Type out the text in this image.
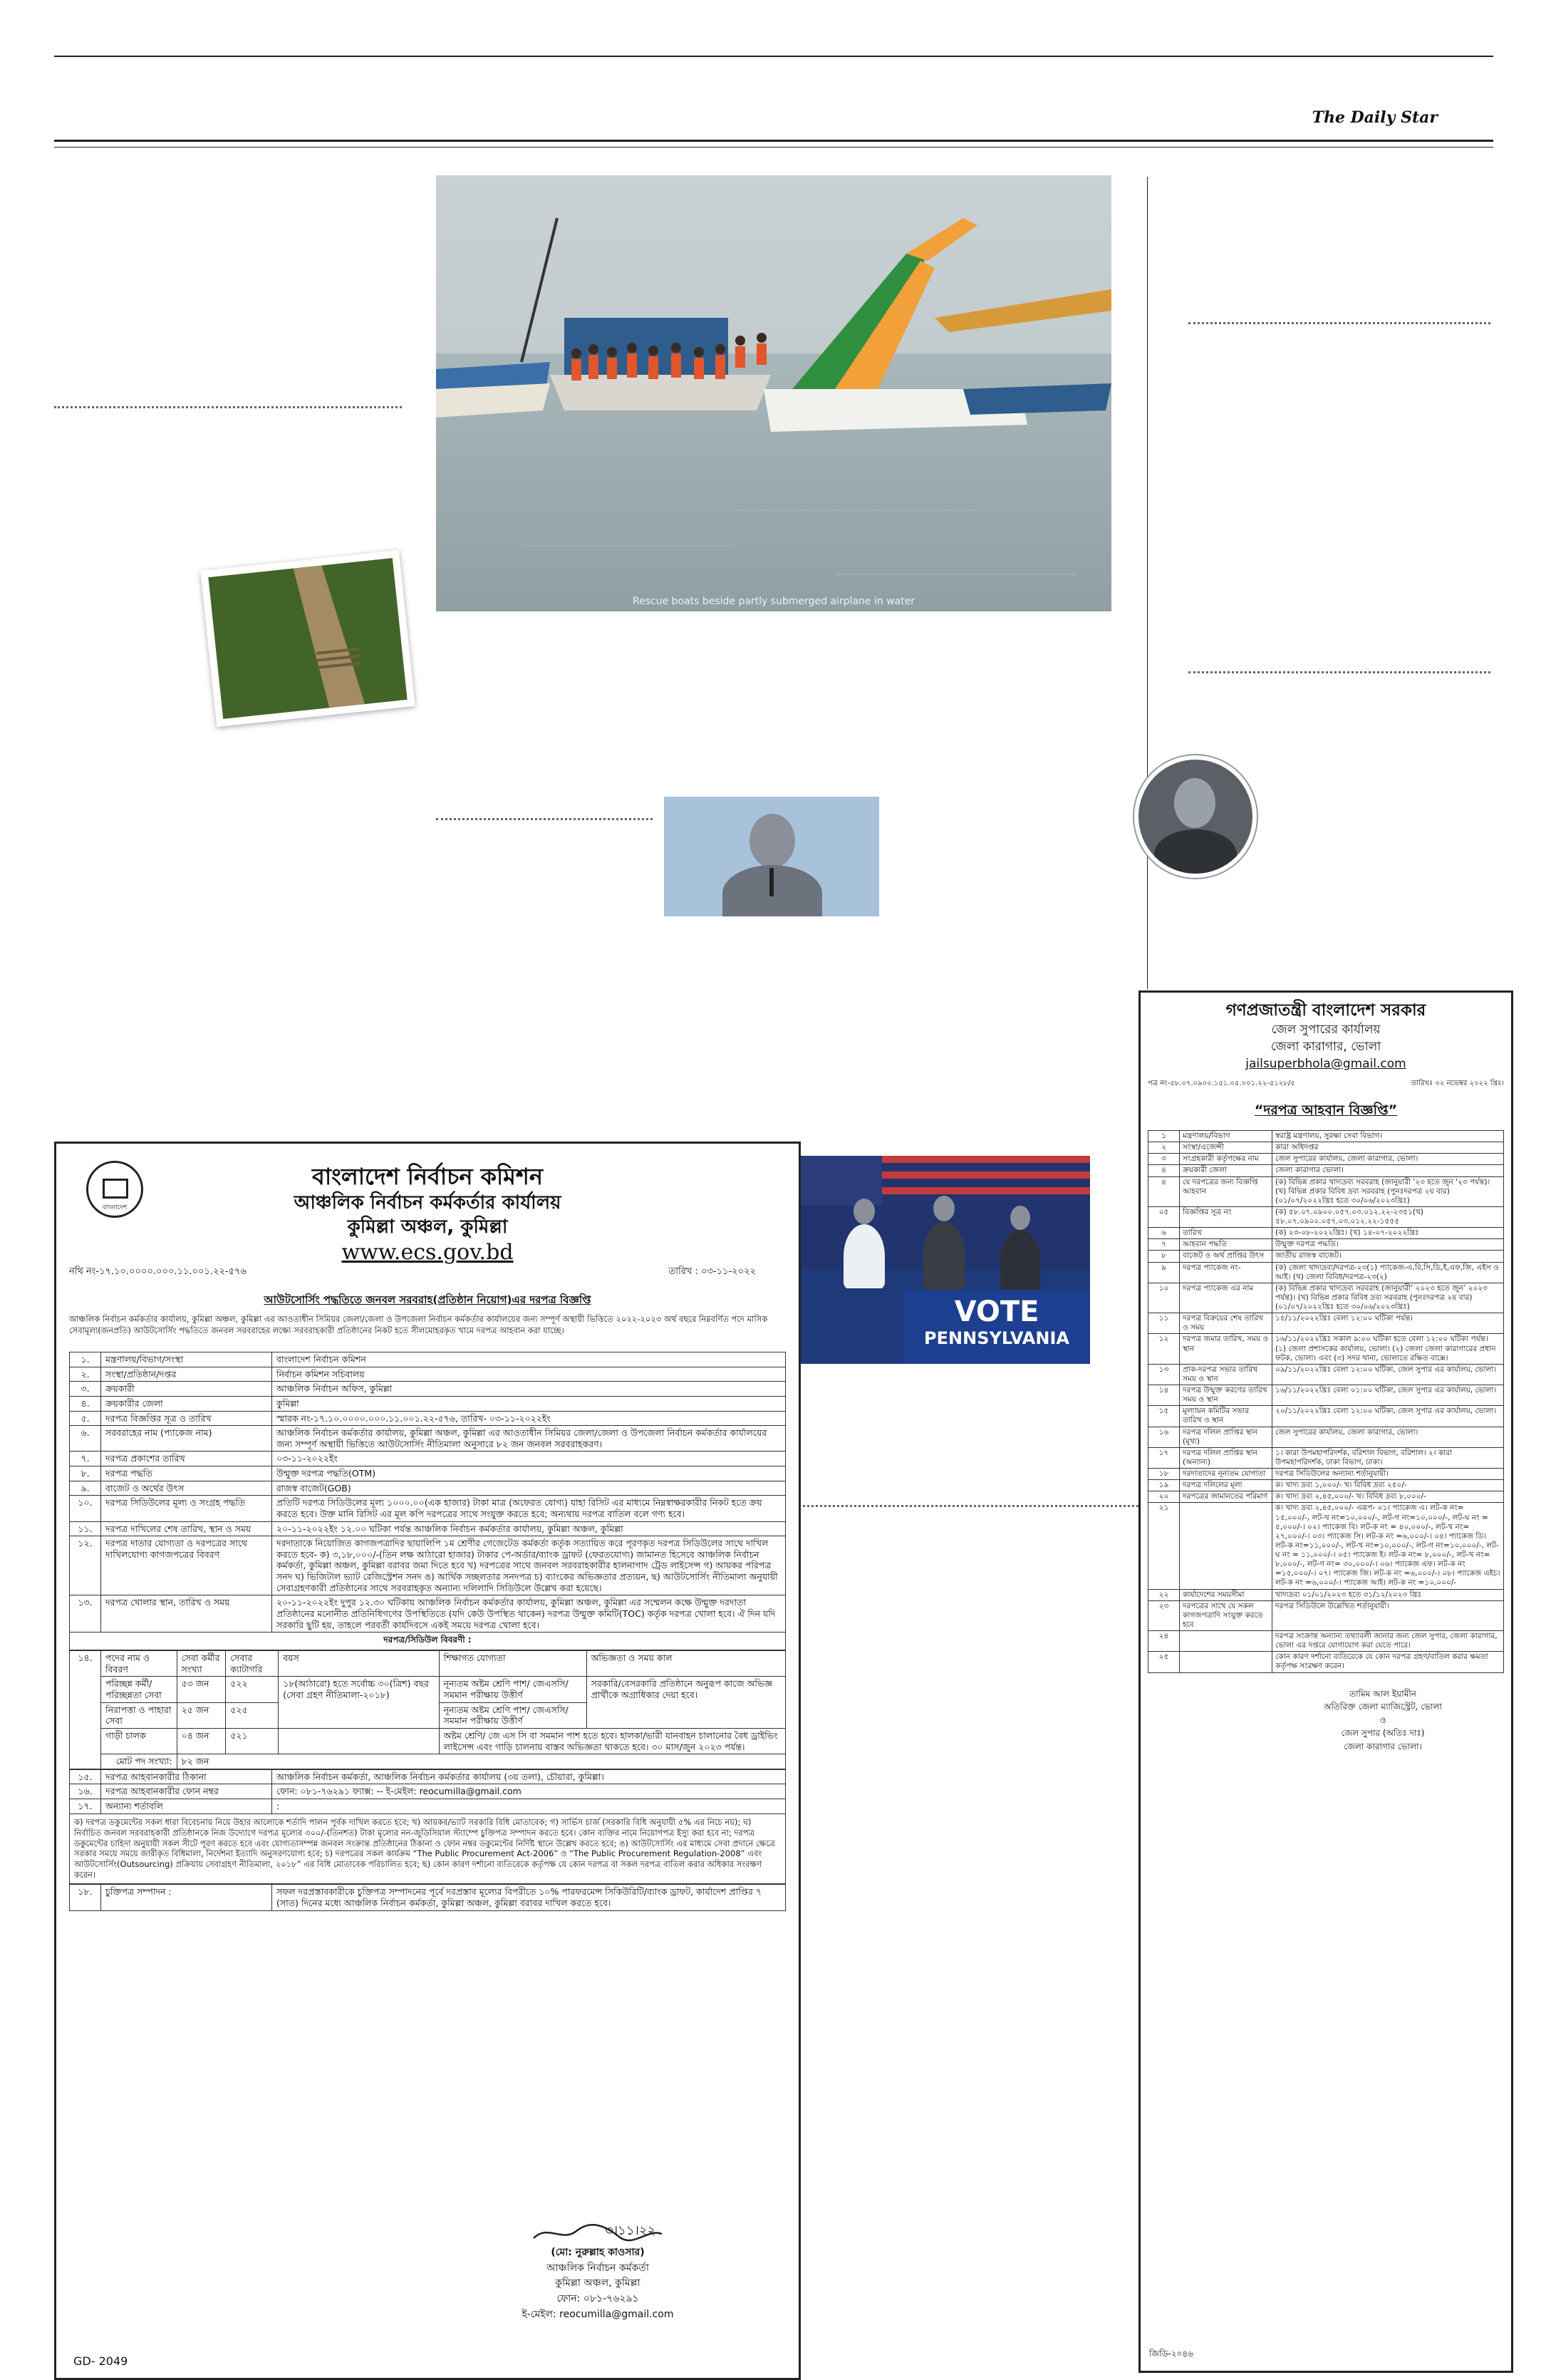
The Daily Star
Rescue boats beside partly submerged airplane in water
VOTE
PENNSYLVANIA
বাংলাদেশ
বাংলাদেশ নির্বাচন কমিশন
আঞ্চলিক নির্বাচন কর্মকর্তার কার্যালয়
কুমিল্লা অঞ্চল, কুমিল্লা
www.ecs.gov.bd
নথি নং-১৭.১০.০০০০.০০০.১১.০০১.২২-৫৭৬	তারিখ : ০৩-১১-২০২২
আউটসোর্সিং পদ্ধতিতে জনবল সরবরাহ(প্রতিষ্ঠান নিয়োগ)এর দরপত্র বিজ্ঞপ্তি
আঞ্চলিক নির্বাচন কর্মকর্তার কার্যালয়, কুমিল্লা অঞ্চল, কুমিল্লা এর আওতাধীন সিমিয়র জেলা/জেলা ও উপজেলা নির্বাচন কর্মকর্তার কার্যালয়ের জন্য সম্পূর্ণ অস্থায়ী ভিত্তিতে ২০২২-২০২৩ অর্থ বছরে নিম্নবর্ণিত পদে মাসিক সেবামূল্য(জনপ্রতি) আউটসোর্সিং পদ্ধতিতে জনবল সরবরাহের লক্ষ্যে সরবরাহকারী প্রতিষ্ঠানের নিকট হতে সীলমোহরকৃত খামে দরপত্র আহবান করা যাচ্ছে।
১.	মন্ত্রণালয়/বিভাগ/সংস্থা	বাংলাদেশ নির্বাচন কমিশন
২.	সংস্থা/প্রতিষ্ঠান/দপ্তর	নির্বাচন কমিশন সচিবালয়
৩.	ক্রয়কারী	আঞ্চলিক নির্বাচন অফিস, কুমিল্লা
৪.	ক্রয়কারীর জেলা	কুমিল্লা
৫.	দরপত্র বিজ্ঞপ্তির সূত্র ও তারিখ	স্মারক নং-১৭.১০.০০০০.০০০.১১.০০১.২২-৫৭৬, তারিখ- ০৩-১১-২০২২ইং
৬.	সরবরাহের নাম (প্যাকেজ নাম)	আঞ্চলিক নির্বাচন কর্মকর্তার কার্যালয়, কুমিল্লা অঞ্চল, কুমিল্লা এর আওতাধীন সিমিয়র জেলা/জেলা ও উপজেলা নির্বাচন কর্মকর্তার কার্যালয়ের জন্য সম্পূর্ণ অস্থায়ী ভিত্তিতে আউটসোর্সিং নীতিমালা অনুসারে ৮২ জন জনবল সরবরাহকরণ।
৭.	দরপত্র প্রকাশের তারিখ	০৩-১১-২০২২ইং
৮.	দরপত্র পদ্ধতি	উন্মুক্ত দরপত্র পদ্ধতি(OTM)
৯.	বাজেট ও অর্থের উৎস	রাজস্ব বাজেট(GOB)
১০.	দরপত্র সিডিউলের মূল্য ও সংগ্রহ পদ্ধতি	প্রতিটি দরপত্র সিডিউলের মূল্য ১০০০.০০(এক হাজার) টাকা মাত্র (অফেরত যোগ্য) যাহা রিসিট এর মাধ্যমে নিম্নস্বাক্ষরকারীর নিকট হতে ক্রয় করতে হবে। উক্ত মানি রিসিট এর মূল কপি দরপত্রের সাথে সংযুক্ত করতে হবে; অন্যথায় দরপত্র বাতিল বলে গণ্য হবে।
১১.	দরপত্র দাখিলের শেষ তারিখ, স্থান ও সময়	২০-১১-২০২২ইং ১২.০০ ঘটিকা পর্যন্ত আঞ্চলিক নির্বাচন কর্মকর্তার কার্যালয়, কুমিল্লা অঞ্চল, কুমিল্লা
১২.	দরপত্র দাতার যোগ্যতা ও দরপত্রের সাথে দাখিলযোগ্য কাগজপত্রের বিবরণ	দরদাতাকে নিয়োজিত কাগজপত্রাদির ছায়ালিপি ১ম শ্রেণীর গেজেটেড কর্মকর্তা কর্তৃক সত্যায়িত করে পূরণকৃত দরপত্র সিডিউলের সাথে দাখিল করতে হবে- ক) ৩,১৮,০০০/-(তিন লক্ষ আঠারো হাজার) টাকার পে-অর্ডার/ব্যাংক ড্রাফট (ফেরতযোগ্য) জামানত হিসেবে আঞ্চলিক নির্বাচন কর্মকর্তা, কুমিল্লা অঞ্চল, কুমিল্লা বরাবর জমা দিতে হবে খ) দরপত্রের সাথে জনবল সরবরাহকারীর হালনাগাদ ট্রেড লাইসেন্স গ) আয়কর পরিপত্র সনদ ঘ) ভিজিটাল ভ্যাট রেজিস্ট্রেশন সনদ ঙ) আর্থিক সচ্ছলতার সনদপত্র চ) ব্যাংকের অভিজ্ঞতার প্রত্যয়ন, ছ) আউটসোর্সিং নীতিমালা অনুযায়ী সেবাগ্রহণকারী প্রতিষ্ঠানের সাথে সরবরাহকৃত অন্যান্য দলিলাদি সিডিউলে উল্লেখ করা হয়েছে।
১৩.	দরপত্র খোলার স্থান, তারিখ ও সময়	২০-১১-২০২২ইং দুপুর ১২.৩০ ঘটিকায় আঞ্চলিক নির্বাচন কর্মকর্তার কার্যালয়, কুমিল্লা অঞ্চল, কুমিল্লা এর সম্মেলন কক্ষে উন্মুক্ত দরদাতা প্রতিষ্ঠানের মনোনীত প্রতিনিধিগণের উপস্থিতিতে (যদি কেউ উপস্থিত থাকেন) দরপত্র উন্মুক্ত কমিটি(TOC) কর্তৃক দরপত্র খোলা হবে। ঐ দিন যদি সরকারি ছুটি হয়, তাহলে পরবর্তী কার্যদিবসে একই সময়ে দরপত্র খোলা হবে।
দরপত্র/সিডিউল বিবরণী :
১৪.	পদের নাম ও বিবরণ	সেবা কর্মীর সংখ্যা	সেবার ক্যাটাগরি	বয়স	শিক্ষাগত যোগ্যতা	অভিজ্ঞতা ও সময় কাল
	পরিচ্ছন্ন কর্মী/পরিচ্ছন্নতা সেবা	৫৩ জন	৫২২	১৮(আঠারো) হতে সর্বোচ্চ ৩০(ত্রিশ) বছর (সেবা গ্রহণ নীতিমালা-২০১৮)	নূন্যতম অষ্টম শ্রেণি পাশ/ জেএসসি/সমমান পরীক্ষায় উত্তীর্ণ	সরকারি/বেসরকারি প্রতিষ্ঠানে অনুরূপ কাজে অভিজ্ঞ প্রার্থীকে অগ্রাধিকার দেয়া হবে।
	নিরাপত্তা ও পাহারা সেবা	২৫ জন	৫২৫		নূন্যতম অষ্টম শ্রেণি পাশ/ জেএসসি/সমমান পরীক্ষায় উত্তীর্ণ	
	গাড়ী চালক	০৪ জন	৫২১		অষ্টম শ্রেণি/ জে এস সি বা সমমান পাশ হতে হবে। হালকা/ভারী যানবাহন চালানোর বৈধ ড্রাইভিং লাইসেন্স এবং গাড়ি চালনায় বাস্তব অভিজ্ঞতা থাকতে হবে। ৩০ মাস/জুন ২০২৩ পর্যন্ত।	
	মোট পদ সংখ্যা:	৮২ জন				
১৫.	দরপত্র আহবানকারীর ঠিকানা	আঞ্চলিক নির্বাচন কর্মকর্তা, আঞ্চলিক নির্বাচন কর্মকর্তার কার্যালয় (৩য় তলা), চৌয়ারা, কুমিল্লা।
১৬.	দরপত্র আহবানকারীর ফোন নম্বর	ফোন: ০৮১-৭৬২৯১ ফ্যাক্স: -- ই-মেইল: reocumilla@gmail.com
১৭.	অন্যান্য শর্তাবলি	:
ক) দরপত্র ডকুমেন্টের সকল ধারা বিবেচনায় নিয়ে উহার আলোকে শর্তাদি পালন পূর্বক দাখিল করতে হবে; খ) আয়কর/ভ্যাট সরকারি বিধি মোতাবেক; গ) সার্ভিস চার্জ (সরকারি বিধি অনুযায়ী ৫% এর নিচে নয়); ঘ) নির্বাচিত জনবল সরবরাহকারী প্রতিষ্ঠানকে নিজ উদ্যোগে দরপত্র মূল্যের ৩০০/-(তিনশত) টাকা মূল্যের নন-জুডিসিয়াল স্ট্যাম্পে চুক্তিপত্র সম্পাদন করতে হবে। কোন ব্যক্তির নামে নিয়োগপত্র ইস্যু করা হবে না; দরপত্র ডকুমেন্টের চাহিদা অনুযায়ী সকল সীটে পূরণ করতে হবে এবং যোগ্যতাসম্পন্ন জনবল সংক্রান্ত প্রতিষ্ঠানের ঠিকানা ও ফোন নম্বর ডকুমেন্টের নির্দিষ্ট স্থানে উল্লেখ করতে হবে; ঙ) আউটসোর্সিং এর মাধ্যমে সেবা প্রদানে ক্ষেত্রে সরকার সময়ে সময়ে জারীকৃত বিধিমালা, নির্দেশনা ইত্যাদি অনুসরণযোগ্য হবে; চ) দরপত্রের সকল কার্যক্রম “The Public Procurement Act-2006” ও “The Public Procurement Regulation-2008” এবং আউটসোর্সিং(Outsourcing) প্রক্রিয়ায় সেবাগ্রহণ নীতিমালা, ২০১৮” এর বিধি মোতাবেক পরিচালিত হবে; ছ) কোন কারণ দর্শানো ব্যতিরেকে কর্তৃপক্ষ যে কোন দরপত্র বা সকল দরপত্র বাতিল করার অধিকার সংরক্ষণ করেন।
১৮.	চুক্তিপত্র সম্পাদন :	সফল দরপ্রস্তাবকারীকে চুক্তিপত্র সম্পাদনের পূর্বে দরপ্রস্তাব মূল্যের বিপরীতে ১০% পারফরমেন্স সিকিউরিটি/ব্যাংক ড্রাফট, কার্যাদেশ প্রাপ্তির ৭ (সাত) দিনের মধ্যে আঞ্চলিক নির্বাচন কর্মকর্তা, কুমিল্লা অঞ্চল, কুমিল্লা বরাবর দাখিল করতে হবে।
৩।১১।২২
(মো: নুরুল্লাহ কাওসার)
আঞ্চলিক নির্বাচন কর্মকর্তা
কুমিল্লা অঞ্চল, কুমিল্লা
ফোন: ০৮১-৭৬২৯১
ই-মেইল: reocumilla@gmail.com
GD- 2049
গণপ্রজাতন্ত্রী বাংলাদেশ সরকার
জেল সুপারের কার্যালয়
জেলা কারাগার, ভোলা
jailsuperbhola@gmail.com
পত্র নং-৫৮.০৭.০৯০০.১৫১.০৫.০০১.২২-৫১২৮/৫	তারিখঃ ০২ নভেম্বর ২০২২ খ্রিঃ।
“দরপত্র আহবান বিজ্ঞপ্তি”
১	মন্ত্রণালয়/বিভাগ	স্বরাষ্ট্র মন্ত্রণালয়, সুরক্ষা সেবা বিভাগ।
২	সংস্থা/এজেন্সী	কারা অধিদপ্তর
৩	সংগ্রহকারী কর্তৃপক্ষের নাম	জেল সুপারের কার্যালয়, জেলা কারাগার, ভোলা।
৪	ক্রয়কারী জেলা	জেলা কারাগার ভোলা।
৪	যে দরপত্রের জন্য বিজ্ঞপ্তি আহবান	(ক) বিভিন্ন প্রকার খাদ্যদ্রব্য সরবরাহ (জানুয়ারী '২৩ হতে জুন '২৩ পর্যন্ত)। (খ) বিভিন্ন প্রকার বিবিধ দ্রব্য সরবরাহ (পুনঃদরপত্র ২য় বার) (০১/০৭/২০২২খ্রিঃ হতে ৩০/০৬/২০২৩খ্রিঃ)
০৫	বিজ্ঞপ্তির সূত্র নং	(ক) ৫৮.০৭.০৯০০.০৫৭.০৩.০১২.২২-২৩৫১(খ) ৫৮.০৭.০৯০০.০৫৭.০৩.০১২.২২-১৫৫৫
৬	তারিখ	(ক) ২৩-০৮-২০২২খ্রিঃ। (খ) ১৪-০৭-২০২২খ্রিঃ
৭	আহবান পদ্ধতি	উন্মুক্ত দরপত্র পদ্ধতি।
৮	বাজেট ও অর্থ প্রাপ্তির উৎস	জাতীয় রাজস্ব বাজেট।
৯	দরপত্র প্যাকেজ নং-	(ক) জেলা খাদ্যদ্রব্য/দরপত্র-২৩(১) প্যাকেজ-এ,বি,সি,ডি,ই,এফ,জি, এইস ও আই। (খ) জেলা বিবিধ/দরপত্র-২৩(২)
১০	দরপত্র প্যাকেজ এর নাম	(ক) বিভিন্ন প্রকার খাদ্যদ্রব্য সরবরাহ (জানুয়ারী’ ২০২৩ হতে জুন’ ২০২৩ পর্যন্ত)। (খ) বিভিন্ন প্রকার বিবিধ দ্রব্য সরবরাহ (পুনঃদরপত্র ২য় বার) (০১/০৭/২০২২খ্রিঃ হতে ৩০/০৬/২০২৩খ্রিঃ)
১১	দরপত্র বিক্রয়ের শেষ তারিখ ও সময়	১৫/১১/২০২২খ্রিঃ বেলা ১২:০০ ঘটিকা পর্যন্ত।
১২	দরপত্র জমার তারিখ, সময় ও স্থান	১৬/১১/২০২২খ্রিঃ সকাল ৯:০০ ঘটিকা হতে বেলা ১২:০০ ঘটিকা পর্যন্ত। (১) জেলা প্রশাসকের কার্যালয়, ভোলা। (২) জেলা জেলা কারাগারের প্রধান ফটক, ভোলা। এবং (৩) সদর থানা, ভোলাতে রক্ষিত বাক্সে।
১৩	প্রাক-দরপত্র সভার তারিখ সময় ও স্থান	০৯/১১/২০২২খ্রিঃ বেলা ১২:০০ ঘটিকা, জেল সুপার এর কার্যালয়, ভোলা।
১৪	দরপত্র উন্মুক্ত করণের তারিখ সময় ও স্থান	১৬/১১/২০২২খ্রিঃ বেলা ০১:০০ ঘটিকা, জেল সুপার এর কার্যালয়, ভোলা।
১৫	মূল্যায়ন কমিটির সভার তারিখ ও স্থান	২০/১১/২০২২খ্রিঃ বেলা ১২:০০ ঘটিকা, জেল সুপার এর কার্যালয়, ভোলা।
১৬	দরপত্র দলিল প্রাপ্তির স্থান (মূখ্য)	জেল সুপারের কার্যালয়, জেলা কারাগার, ভোলা।
১৭	দরপত্র দলিল প্রাপ্তির স্থান (অন্যান্য)	১। কারা উপমহাপরিদর্শক, বরিশাল বিভাগ, বরিশাল। ২। কারা উপমহাপরিদর্শক, ঢাকা বিভাগ, ঢাকা।
১৮	দরদাতাদের নূন্যতম যোগ্যতা	দরপত্র সিডিউলের অন্যান্য শর্তানুযায়ী।
১৯	দরপত্র দলিলের মূল্য	ক। খাদ্য দ্রব্য ১,০০০/- খ। বিবিধ দ্রব্য ২৫০/-
২০	দরপত্রের জামানতের পরিমাণ	ক। খাদ্য দ্রব্য ২,৪৫,০০০/- খ। বিবিধ দ্রব্য ৮,০০০/-
২১		ক। খাদ্য দ্রব্য ২,৪৫,০০০/- এরূপ- ০১। প্যাকেজ এ। লট-ক নং= ১৫,০০০/-, লট-খ নং=১০,০০০/-, লট-গ নং=১০,০০০/-, লট-ঘ নং = ৫,০০০/-। ০২। প্যাকেজ বি। লট-ক নং = ৪০,০০০/-, লট-খ নং= ২৭,০০০/-। ০৩। প্যাকেজ সি। লট-ক নং =৬,০০০/-। ০৪। প্যাকেজ ডি। লট-ক নং=১১,০০০/-, লট-খ নং=১০,০০০/-, লট-গ নং=১০,০০০/-, লট-ঘ নং = ১১,০০০/-। ০৫। প্যাকেজ ই। লট-ক নং= ৮,০০০/-, লট-খ নং= ৮,০০০/-, লট-গ নং= ৩০,০০০/-। ০৬। প্যাকেজ এফ। লট-ক নং =১৫,০০০/-। ০৭। প্যাকেজ জি। লট-ক নং =৬,০০০/-। ০৮। প্যাকেজ এইচ। লট-ক নং =৬,০০০/-। প্যাকেজ আই। লট-ক নং =১০,০০০/-
২২	কার্যাদেশের সময়সীমা	খাদ্যদ্রব্য ০১/০১/২০২৩ হতে ৩১/১২/২০২৩ খ্রিঃ
২৩	দরপত্রের সাথে যে সকল কাগজপত্রাদি সংযুক্ত করতে হবে	দরপত্র সিডিউলে উল্লেখিত শর্তানুযায়ী।
২৪		দরপত্র সংক্রান্ত অন্যান্য তথ্যাবলী জানার জন্য জেল সুপার, জেলা কারাগার, ভোলা এর দপ্তরে যোগাযোগ করা যেতে পারে।
২৫		কোন কারণ দর্শানো ব্যতিরেকে যে কোন দরপত্র গ্রহণ/বাতিল করার ক্ষমতা কর্তৃপক্ষ সংরক্ষণ করেন।
তামিম আল ইয়ামীন
অতিরিক্ত জেলা ম্যাজিস্ট্রেট, ভোলা
ও
জেল সুপার (অতিঃ দাঃ)
জেলা কারাগার ভোলা।
জিডি-২০৪৬
